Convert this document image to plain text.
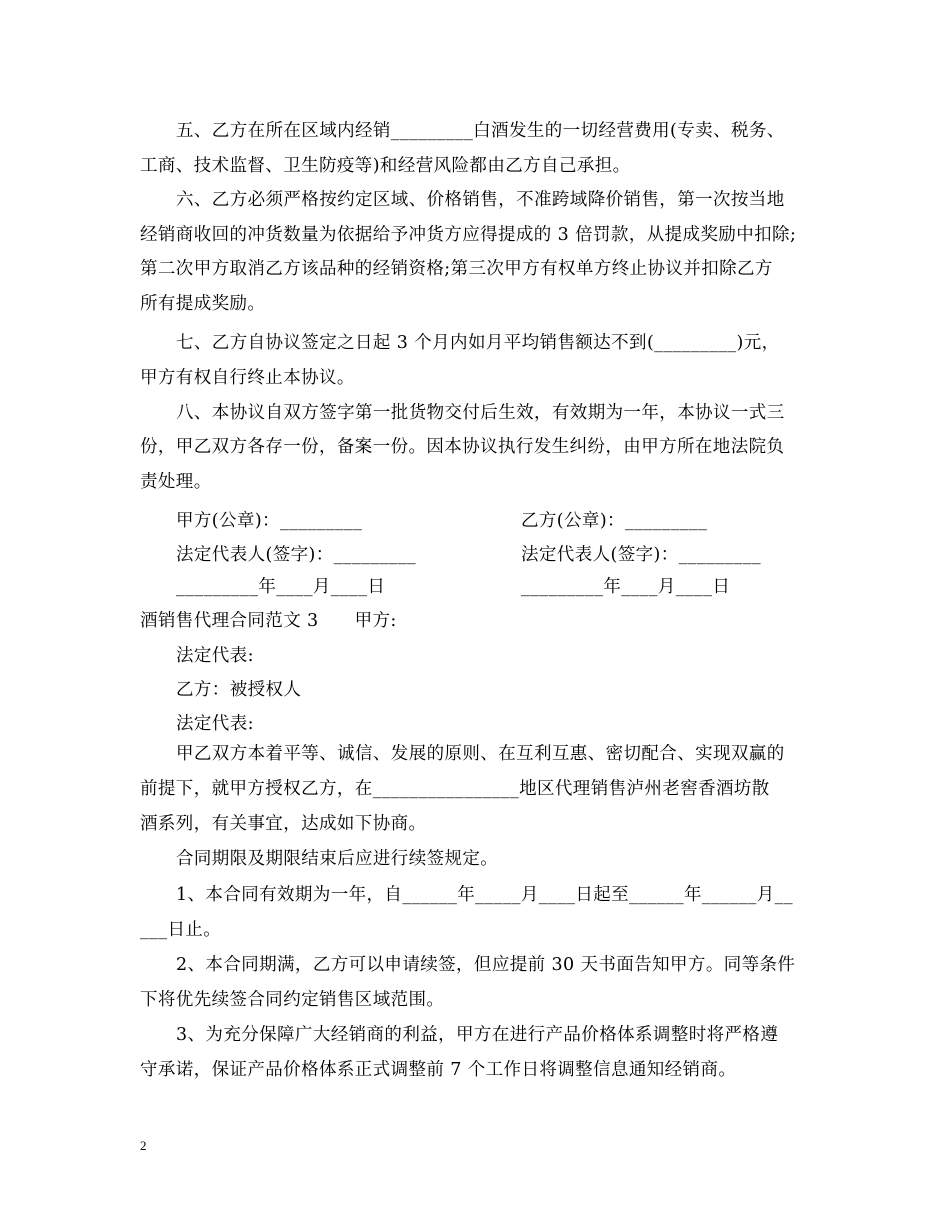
五、乙方在所在区域内经销_________白酒发生的一切经营费用(专卖、税务、
工商、技术监督、卫生防疫等)和经营风险都由乙方自己承担。
六、乙方必须严格按约定区域、价格销售，不准跨域降价销售，第一次按当地
经销商收回的冲货数量为依据给予冲货方应得提成的 3 倍罚款，从提成奖励中扣除;
第二次甲方取消乙方该品种的经销资格;第三次甲方有权单方终止协议并扣除乙方
所有提成奖励。
七、乙方自协议签定之日起 3 个月内如月平均销售额达不到(_________)元，
甲方有权自行终止本协议。
八、本协议自双方签字第一批货物交付后生效，有效期为一年，本协议一式三
份，甲乙双方各存一份，备案一份。因本协议执行发生纠纷，由甲方所在地法院负
责处理。
甲方(公章)：_________	乙方(公章)：_________
法定代表人(签字)：_________	法定代表人(签字)：_________
_________年____月____日	_________年____月____日
酒销售代理合同范文 3 甲方:
法定代表:
乙方：被授权人
法定代表:
甲乙双方本着平等、诚信、发展的原则、在互利互惠、密切配合、实现双赢的
前提下，就甲方授权乙方，在________________地区代理销售泸州老窖香酒坊散
酒系列，有关事宜，达成如下协商。
合同期限及期限结束后应进行续签规定。
1、本合同有效期为一年，自______年_____月____日起至______年______月__
___日止。
2、本合同期满，乙方可以申请续签，但应提前 30 天书面告知甲方。同等条件
下将优先续签合同约定销售区域范围。
3、为充分保障广大经销商的利益，甲方在进行产品价格体系调整时将严格遵
守承诺，保证产品价格体系正式调整前 7 个工作日将调整信息通知经销商。
2
